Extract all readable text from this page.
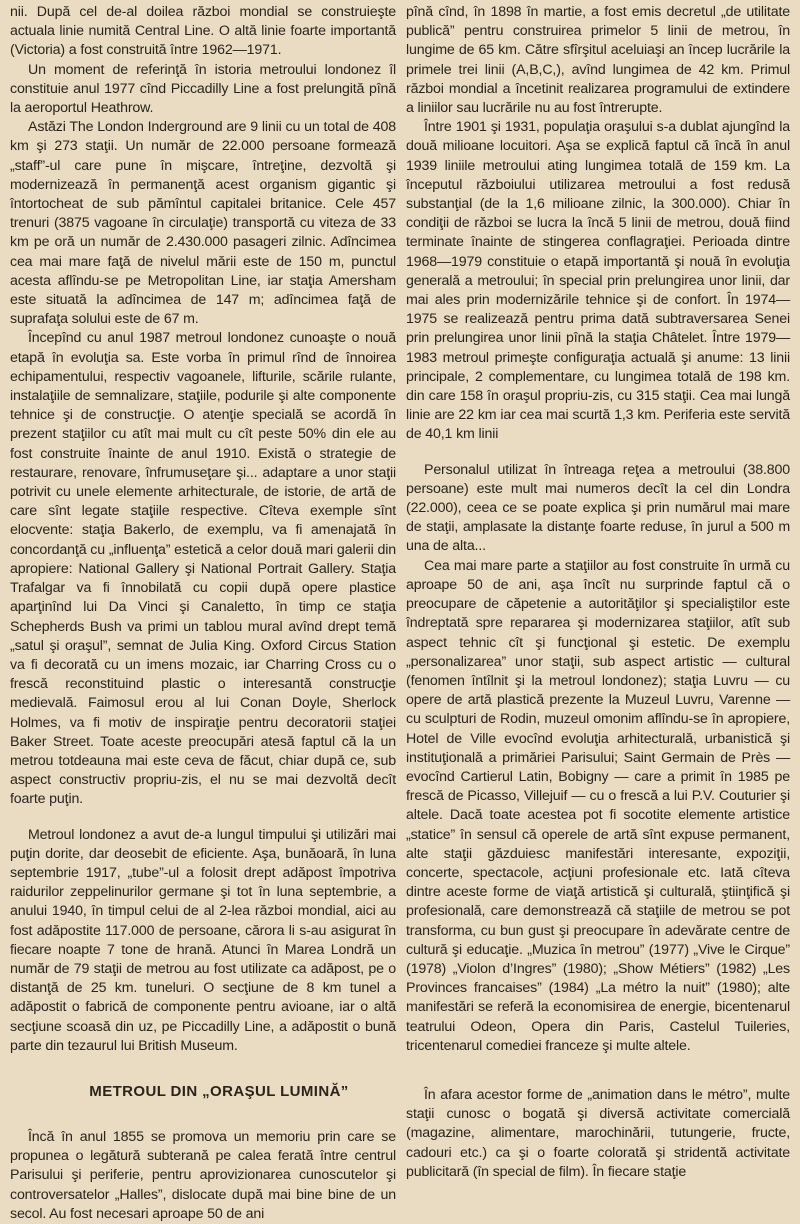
nii. După cel de-al doilea război mondial se construieşte actuala linie numită Central Line. O altă linie foarte importantă (Victoria) a fost construită între 1962—1971.

Un moment de referinţă în istoria metroului londonez îl constituie anul 1977 cînd Piccadilly Line a fost prelungită pînă la aeroportul Heathrow.

Astăzi The London Inderground are 9 linii cu un total de 408 km şi 273 staţii. Un număr de 22.000 persoane formează „staff”-ul care pune în mişcare, întreţine, dezvoltă şi modernizează în permanenţă acest organism gigantic şi întortocheat de sub pămîntul capitalei britanice. Cele 457 trenuri (3875 vagoane în circulaţie) transportă cu viteza de 33 km pe oră un număr de 2.430.000 pasageri zilnic. Adîncimea cea mai mare faţă de nivelul mării este de 150 m, punctul acesta aflîndu-se pe Metropolitan Line, iar staţia Amersham este situată la adîncimea de 147 m; adîncimea faţă de suprafaţa solului este de 67 m.

Începînd cu anul 1987 metroul londonez cunoaşte o nouă etapă în evoluţia sa. Este vorba în primul rînd de înnoirea echipamentului, respectiv vagoanele, lifturile, scările rulante, instalaţiile de semnalizare, staţiile, podurile şi alte componente tehnice şi de construcţie. O atenţie specială se acordă în prezent staţiilor cu atît mai mult cu cît peste 50% din ele au fost construite înainte de anul 1910. Există o strategie de restaurare, renovare, înfrumuseţare şi... adaptare a unor staţii potrivit cu unele elemente arhitecturale, de istorie, de artă de care sînt legate staţiile respective. Cîteva exemple sînt elocvente: staţia Bakerlo, de exemplu, va fi amenajată în concordanţă cu „influenţa” estetică a celor două mari galerii din apropiere: National Gallery şi National Portrait Gallery. Staţia Trafalgar va fi înnobilată cu copii după opere plastice aparţinînd lui Da Vinci şi Canaletto, în timp ce staţia Schepherds Bush va primi un tablou mural avînd drept temă „satul şi oraşul”, semnat de Julia King. Oxford Circus Station va fi decorată cu un imens mozaic, iar Charring Cross cu o frescă reconstituind plastic o interesantă construcţie medievală. Faimosul erou al lui Conan Doyle, Sherlock Holmes, va fi motiv de inspiraţie pentru decoratorii staţiei Baker Street. Toate aceste preocupări atesă faptul că la un metrou totdeauna mai este ceva de făcut, chiar după ce, sub aspect constructiv propriu-zis, el nu se mai dezvoltă decît foarte puţin.

Metroul londonez a avut de-a lungul timpului şi utilizări mai puţin dorite, dar deosebit de eficiente. Aşa, bunăoară, în luna septembrie 1917, „tube”-ul a folosit drept adăpost împotriva raidurilor zeppelinurilor germane şi tot în luna septembrie, a anului 1940, în timpul celui de al 2-lea război mondial, aici au fost adăpostite 117.000 de persoane, cărora li s-au asigurat în fiecare noapte 7 tone de hrană. Atunci în Marea Londră un număr de 79 staţii de metrou au fost utilizate ca adăpost, pe o distanţă de 25 km. tuneluri. O secţiune de 8 km tunel a adăpostit o fabrică de componente pentru avioane, iar o altă secţiune scoasă din uz, pe Piccadilly Line, a adăpostit o bună parte din tezaurul lui British Museum.

METROUL DIN „ORAŞUL LUMINĂ”

Încă în anul 1855 se promova un memoriu prin care se propunea o legătură subterană pe calea ferată între centrul Parisului şi periferie, pentru aprovizionarea cunoscutelor şi controversatelor „Halles”, dislocate după mai bine bine de un secol. Au fost necesari aproape 50 de ani

pînă cînd, în 1898 în martie, a fost emis decretul „de utilitate publică” pentru construirea primelor 5 linii de metrou, în lungime de 65 km. Către sfîrşitul aceluiaşi an încep lucrările la primele trei linii (A,B,C,), avînd lungimea de 42 km. Primul război mondial a încetinit realizarea programului de extindere a liniilor sau lucrările nu au fost întrerupte.

Între 1901 şi 1931, populaţia oraşului s-a dublat ajungînd la două milioane locuitori. Aşa se explică faptul că încă în anul 1939 liniile metroului ating lungimea totală de 159 km. La începutul războiului utilizarea metroului a fost redusă substanţial (de la 1,6 milioane zilnic, la 300.000). Chiar în condiţii de război se lucra la încă 5 linii de metrou, două fiind terminate înainte de stingerea conflagraţiei. Perioada dintre 1968—1979 constituie o etapă importantă şi nouă în evoluţia generală a metroului; în special prin prelungirea unor linii, dar mai ales prin modernizările tehnice şi de confort. În 1974—1975 se realizează pentru prima dată subtraversarea Senei prin prelungirea unor linii pînă la staţia Châtelet. Între 1979—1983 metroul primeşte configuraţia actuală şi anume: 13 linii principale, 2 complementare, cu lungimea totală de 198 km. din care 158 în oraşul propriu-zis, cu 315 staţii. Cea mai lungă linie are 22 km iar cea mai scurtă 1,3 km. Periferia este servită de 40,1 km linii

Personalul utilizat în întreaga reţea a metroului (38.800 persoane) este mult mai numeros decît la cel din Londra (22.000), ceea ce se poate explica şi prin numărul mai mare de staţii, amplasate la distanţe foarte reduse, în jurul a 500 m una de alta...

Cea mai mare parte a staţiilor au fost construite în urmă cu aproape 50 de ani, aşa încît nu surprinde faptul că o preocupare de căpetenie a autorităţilor şi specialiştilor este îndreptată spre repararea şi modernizarea staţiilor, atît sub aspect tehnic cît şi funcţional şi estetic. De exemplu „personalizarea” unor staţii, sub aspect artistic — cultural (fenomen întîlnit şi la metroul londonez); staţia Luvru — cu opere de artă plastică prezente la Muzeul Luvru, Varenne — cu sculpturi de Rodin, muzeul omonim aflîndu-se în apropiere, Hotel de Ville evocînd evoluţia arhitecturală, urbanistică şi instituţională a primăriei Parisului; Saint Germain de Près — evocînd Cartierul Latin, Bobigny — care a primit în 1985 pe frescă de Picasso, Villejuif — cu o frescă a lui P.V. Couturier şi altele. Dacă toate acestea pot fi socotite elemente artistice „statice” în sensul că operele de artă sînt expuse permanent, alte staţii găzduiesc manifestări interesante, expoziţii, concerte, spectacole, acţiuni profesionale etc. Iată cîteva dintre aceste forme de viaţă artistică şi culturală, ştiinţifică şi profesională, care demonstrează că staţiile de metrou se pot transforma, cu bun gust şi preocupare în adevărate centre de cultură şi educaţie. „Muzica în metrou” (1977) „Vive le Cirque” (1978) „Violon d’Ingres” (1980); „Show Métiers” (1982) „Les Provinces francaises” (1984) „La métro la nuit” (1980); alte manifestări se referă la economisirea de energie, bicentenarul teatrului Odeon, Opera din Paris, Castelul Tuileries, tricentenarul comediei franceze şi multe altele.

În afara acestor forme de „animation dans le métro”, multe staţii cunosc o bogată şi diversă activitate comercială (magazine, alimentare, marochinării, tutungerie, fructe, cadouri etc.) ca şi o foarte colorată şi stridentă activitate publicitară (în special de film). În fiecare staţie
